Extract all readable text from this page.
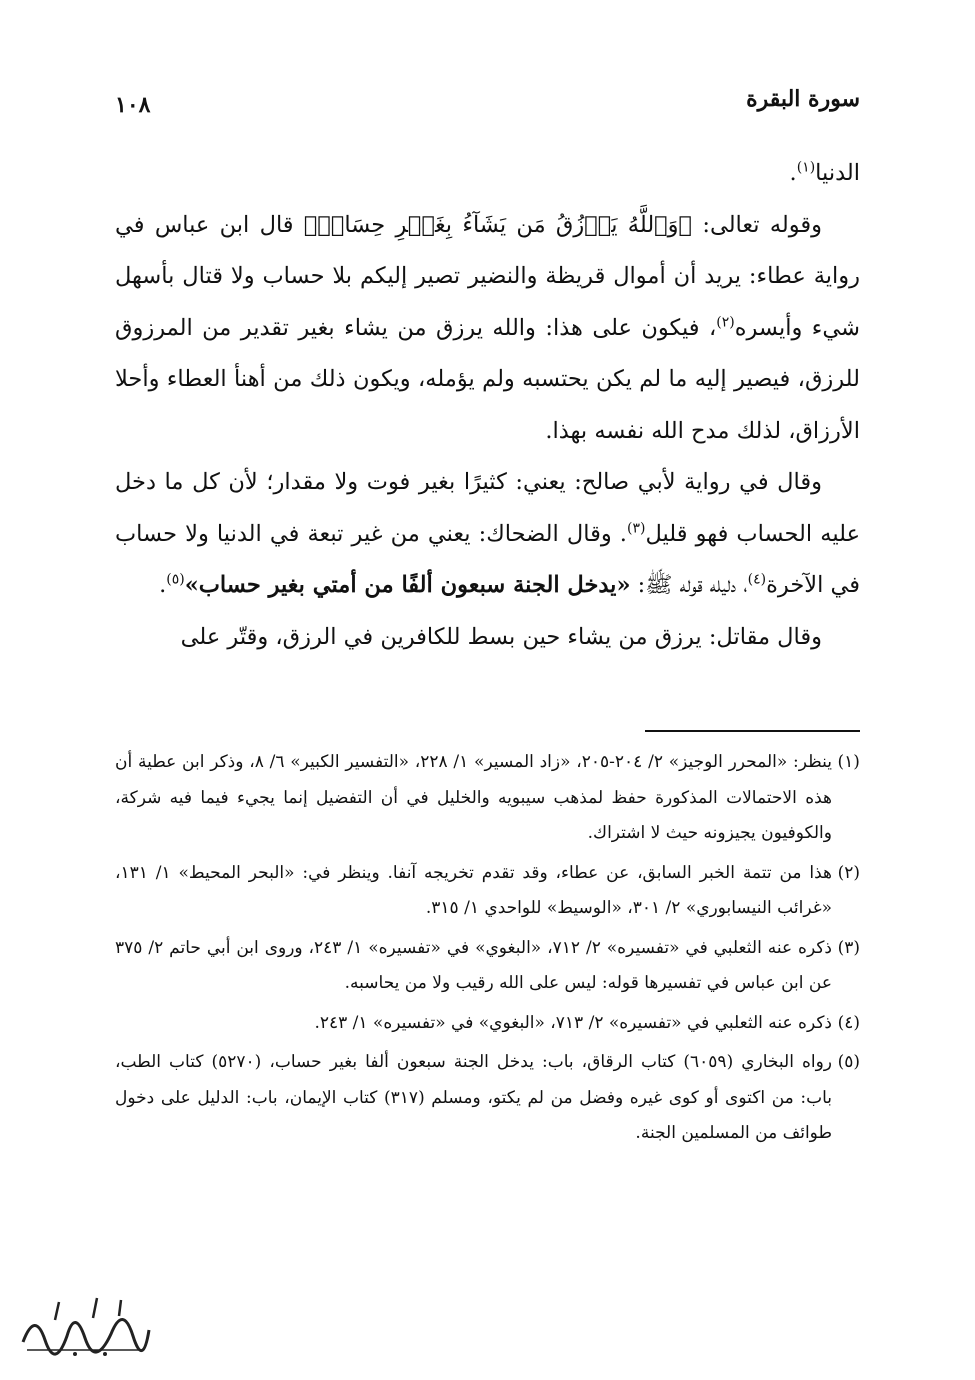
سورة البقرة
١٠٨

الدنيا$^{(١)}$.

وقوله تعالى: ﴿وَٱللَّهُ يَرۡزُقُ مَن يَشَآءُ بِغَيۡرِ حِسَابٖ﴾ قال ابن عباس في رواية عطاء: يريد أن أموال قريظة والنضير تصير إليكم بلا حساب ولا قتال بأسهل شيء وأيسره$^{(٢)}$، فيكون على هذا: والله يرزق من يشاء بغير تقدير من المرزوق للرزق، فيصير إليه ما لم يكن يحتسبه ولم يؤمله، ويكون ذلك من أهنأ العطاء وأحلا الأرزاق، لذلك مدح الله نفسه بهذا.

وقال في رواية لأبي صالح: يعني: كثيرًا بغير فوت ولا مقدار؛ لأن كل ما دخل عليه الحساب فهو قليل$^{(٣)}$. وقال الضحاك: يعني من غير تبعة في الدنيا ولا حساب في الآخرة$^{(٤)}$، دليله قوله ﷺ: «يدخل الجنة سبعون ألفًا من أمتي بغير حساب»$^{(٥)}$.

وقال مقاتل: يرزق من يشاء حين بسط للكافرين في الرزق، وقتّر على

(١)ينظر: «المحرر الوجيز» ٢/ ٢٠٤-٢٠٥، «زاد المسير» ١/ ٢٢٨، «التفسير الكبير» ٦/ ٨، وذكر ابن عطية أن هذه الاحتمالات المذكورة حفظ لمذهب سيبويه والخليل في أن التفضيل إنما يجيء فيما فيه شركة، والكوفيون يجيزونه حيث لا اشتراك.

(٢)هذا من تتمة الخبر السابق، عن عطاء، وقد تقدم تخريجه آنفا. وينظر في: «البحر المحيط» ١/ ١٣١، «غرائب النيسابوري» ٢/ ٣٠١، «الوسيط» للواحدي ١/ ٣١٥.

(٣)ذكره عنه الثعلبي في «تفسيره» ٢/ ٧١٢، «البغوي» في «تفسيره» ١/ ٢٤٣، وروى ابن أبي حاتم ٢/ ٣٧٥ عن ابن عباس في تفسيرها قوله: ليس على الله رقيب ولا من يحاسبه.

(٤)ذكره عنه الثعلبي في «تفسيره» ٢/ ٧١٣، «البغوي» في «تفسيره» ١/ ٢٤٣.

(٥)رواه البخاري (٦٠٥٩) كتاب الرقاق، باب: يدخل الجنة سبعون ألفا بغير حساب، (٥٢٧٠) كتاب الطب، باب: من اكتوى أو كوى غيره وفضل من لم يكتو، ومسلم (٣١٧) كتاب الإيمان، باب: الدليل على دخول طوائف من المسلمين الجنة.
